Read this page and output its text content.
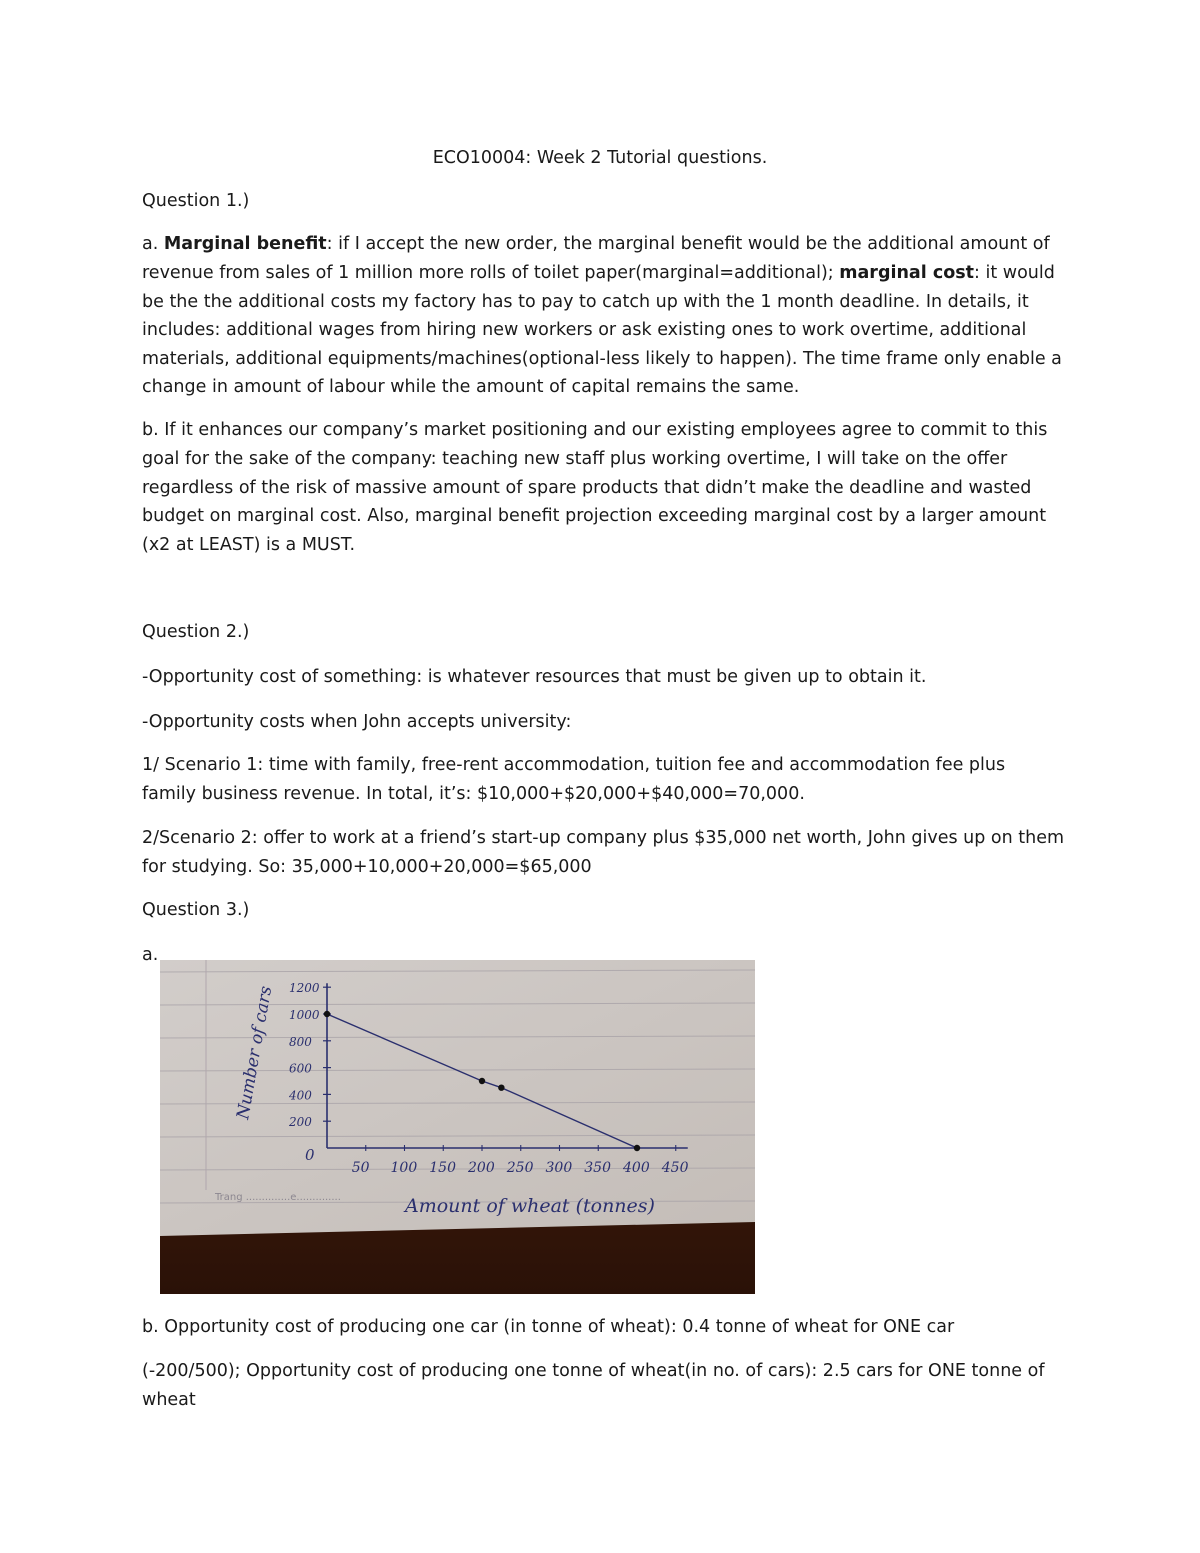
ECO10004: Week 2 Tutorial questions.
Question 1.)
a. Marginal benefit: if I accept the new order, the marginal benefit would be the additional amount of
revenue from sales of 1 million more rolls of toilet paper(marginal=additional); marginal cost: it would
be the the additional costs my factory has to pay to catch up with the 1 month deadline. In details, it
includes: additional wages from hiring new workers or ask existing ones to work overtime, additional
materials, additional equipments/machines(optional-less likely to happen). The time frame only enable a
change in amount of labour while the amount of capital remains the same.
b. If it enhances our company’s market positioning and our existing employees agree to commit to this
goal for the sake of the company: teaching new staff plus working overtime, I will take on the offer
regardless of the risk of massive amount of spare products that didn’t make the deadline and wasted
budget on marginal cost. Also, marginal benefit projection exceeding marginal cost by a larger amount
(x2 at LEAST) is a MUST.
Question 2.)
-Opportunity cost of something: is whatever resources that must be given up to obtain it.
-Opportunity costs when John accepts university:
1/ Scenario 1: time with family, free-rent accommodation, tuition fee and accommodation fee plus
family business revenue. In total, it’s: $10,000+$20,000+$40,000=70,000.
2/Scenario 2: offer to work at a friend’s start-up company plus $35,000 net worth, John gives up on them
for studying. So: 35,000+10,000+20,000=$65,000
Question 3.)
a.
Trang ..............e..............
0
200
400
600
800
1000
1200
50 100 150 200 250 300 350 400 450
Number of cars
Amount of wheat (tonnes)
b. Opportunity cost of producing one car (in tonne of wheat): 0.4 tonne of wheat for ONE car
(-200/500); Opportunity cost of producing one tonne of wheat(in no. of cars): 2.5 cars for ONE tonne of
wheat
